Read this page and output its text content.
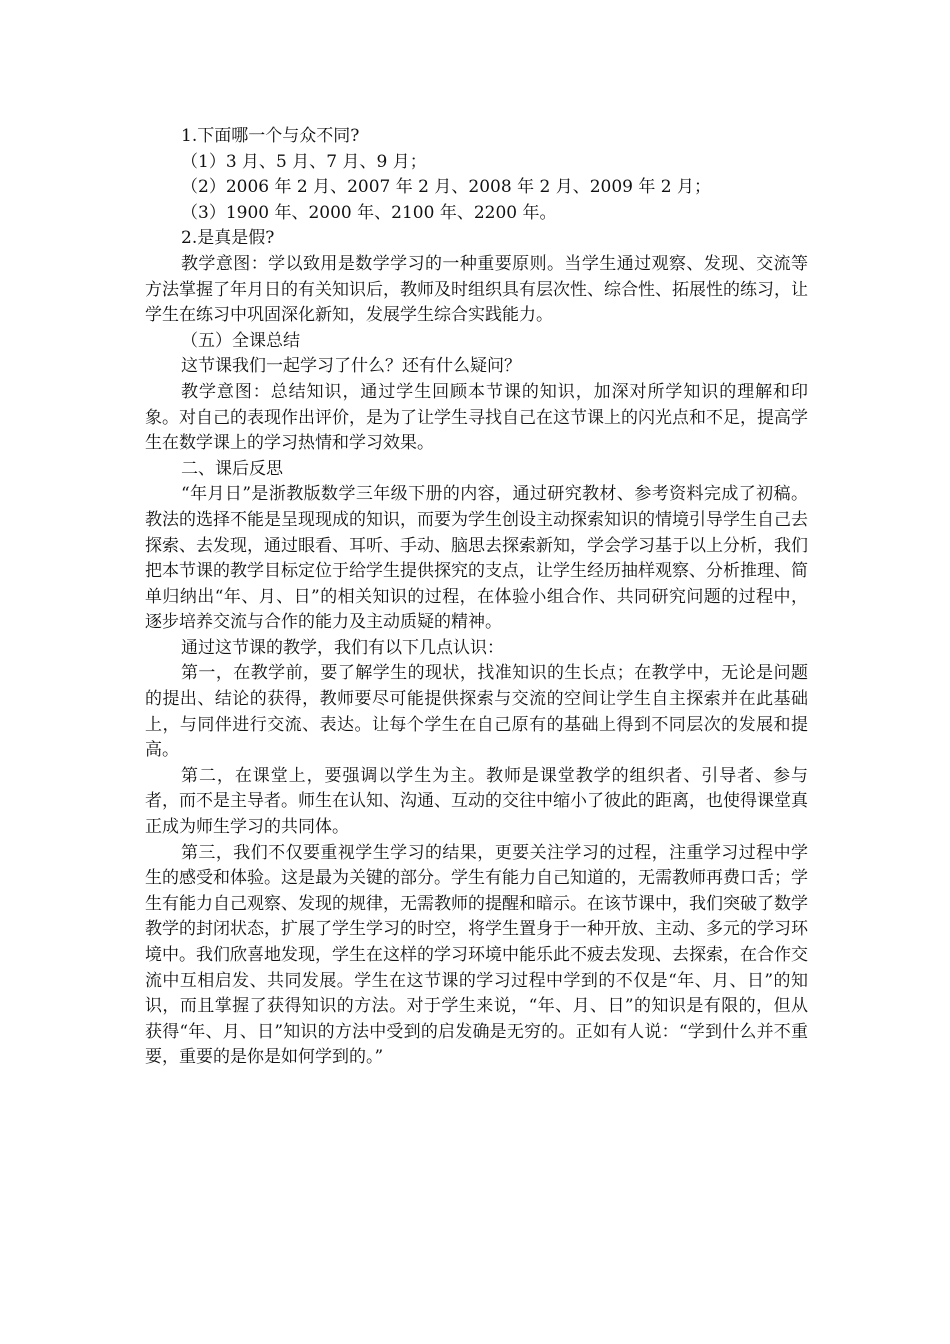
1.下面哪一个与众不同?

（1）3 月、5 月、7 月、9 月；

（2）2006 年 2 月、2007 年 2 月、2008 年 2 月、2009 年 2 月；

（3）1900 年、2000 年、2100 年、2200 年。

2.是真是假?

教学意图：学以致用是数学学习的一种重要原则。当学生通过观察、发现、交流等方法掌握了年月日的有关知识后，教师及时组织具有层次性、综合性、拓展性的练习，让学生在练习中巩固深化新知，发展学生综合实践能力。

（五）全课总结

这节课我们一起学习了什么？还有什么疑问？

教学意图：总结知识，通过学生回顾本节课的知识，加深对所学知识的理解和印象。对自己的表现作出评价，是为了让学生寻找自己在这节课上的闪光点和不足，提高学生在数学课上的学习热情和学习效果。

二、课后反思

“年月日”是浙教版数学三年级下册的内容，通过研究教材、参考资料完成了初稿。教法的选择不能是呈现现成的知识，而要为学生创设主动探索知识的情境引导学生自己去探索、去发现，通过眼看、耳听、手动、脑思去探索新知，学会学习基于以上分析，我们把本节课的教学目标定位于给学生提供探究的支点，让学生经历抽样观察、分析推理、简单归纳出“年、月、日”的相关知识的过程，在体验小组合作、共同研究问题的过程中，逐步培养交流与合作的能力及主动质疑的精神。

通过这节课的教学，我们有以下几点认识：

第一，在教学前，要了解学生的现状，找准知识的生长点；在教学中，无论是问题的提出、结论的获得，教师要尽可能提供探索与交流的空间让学生自主探索并在此基础上，与同伴进行交流、表达。让每个学生在自己原有的基础上得到不同层次的发展和提高。

第二，在课堂上，要强调以学生为主。教师是课堂教学的组织者、引导者、参与者，而不是主导者。师生在认知、沟通、互动的交往中缩小了彼此的距离，也使得课堂真正成为师生学习的共同体。

第三，我们不仅要重视学生学习的结果，更要关注学习的过程，注重学习过程中学生的感受和体验。这是最为关键的部分。学生有能力自己知道的，无需教师再费口舌；学生有能力自己观察、发现的规律，无需教师的提醒和暗示。在该节课中，我们突破了数学教学的封闭状态，扩展了学生学习的时空，将学生置身于一种开放、主动、多元的学习环境中。我们欣喜地发现，学生在这样的学习环境中能乐此不疲去发现、去探索，在合作交流中互相启发、共同发展。学生在这节课的学习过程中学到的不仅是“年、月、日”的知识，而且掌握了获得知识的方法。对于学生来说，“年、月、日”的知识是有限的，但从获得“年、月、日”知识的方法中受到的启发确是无穷的。正如有人说：“学到什么并不重要，重要的是你是如何学到的。”
